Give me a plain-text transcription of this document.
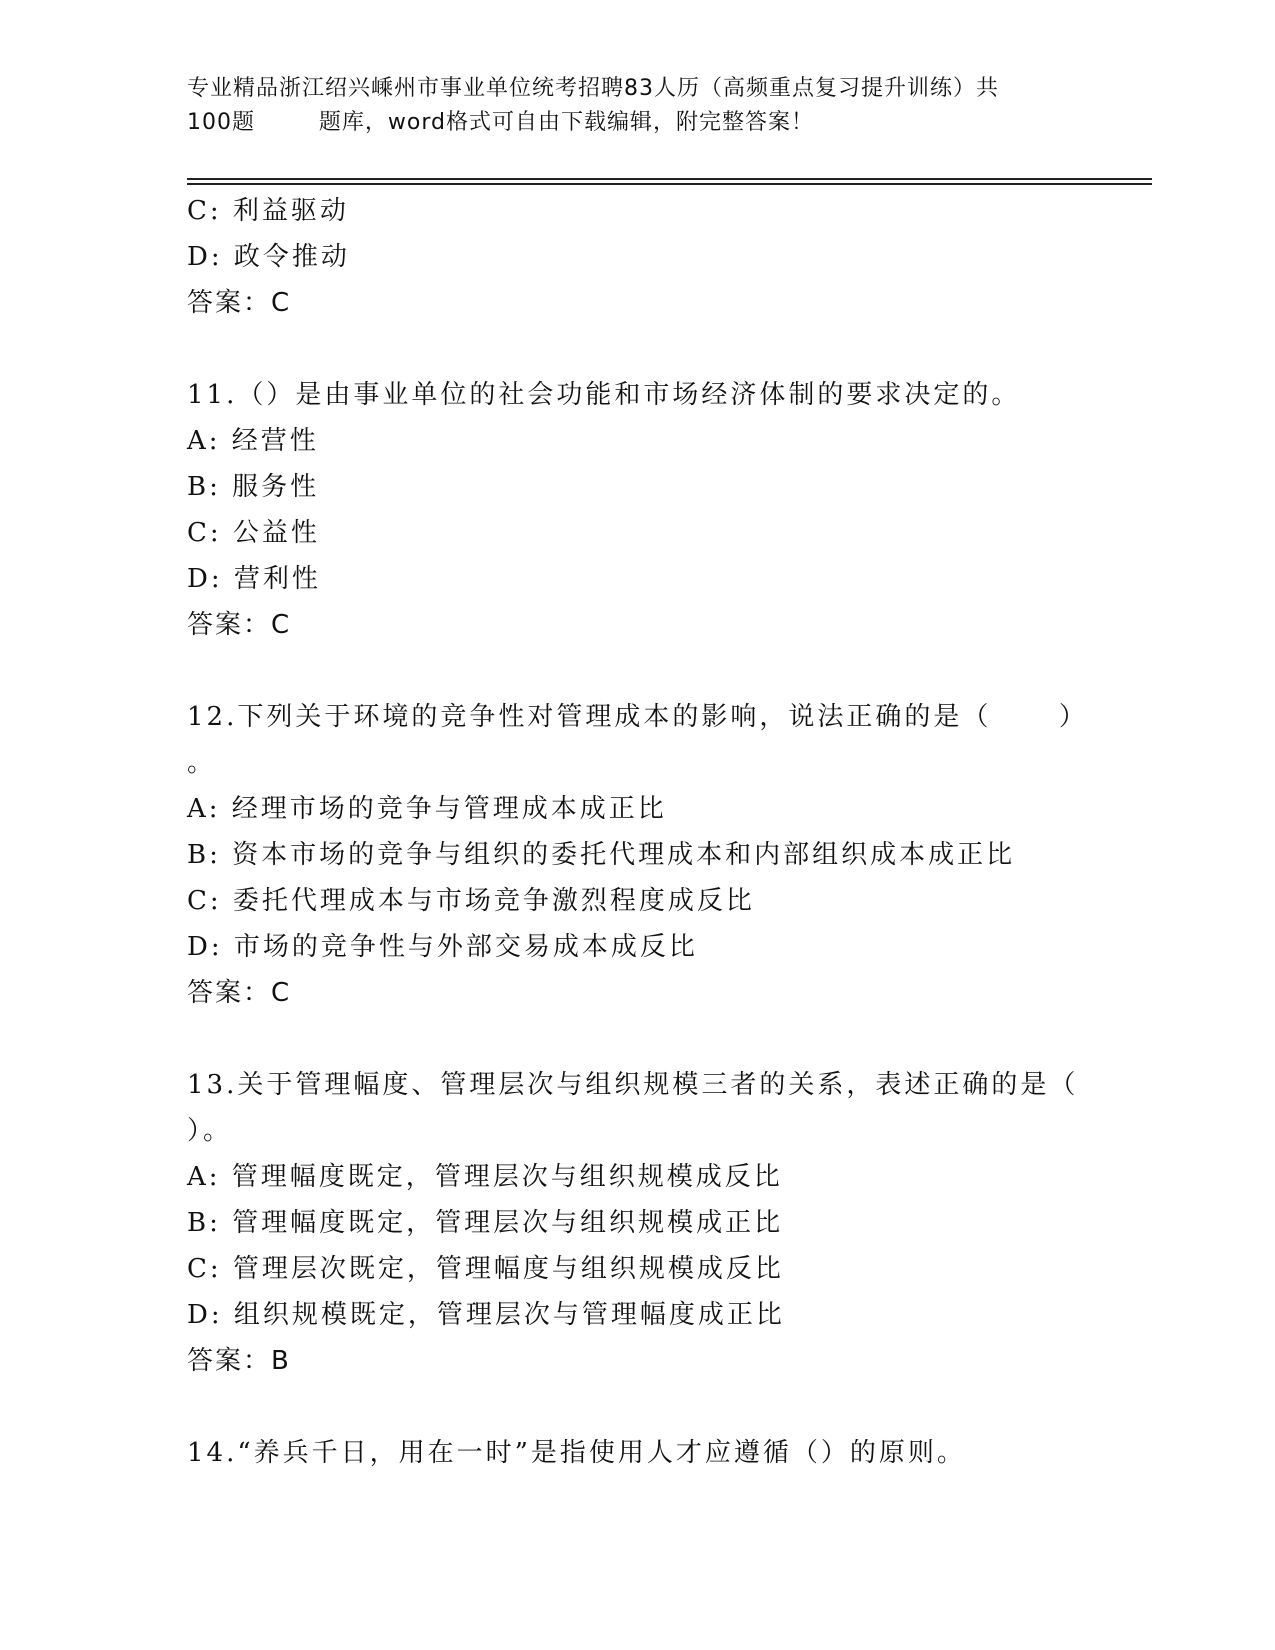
专业精品浙江绍兴嵊州市事业单位统考招聘83人历（高频重点复习提升训练）共
100题        题库，word格式可自由下载编辑，附完整答案！
C: 利益驱动
D: 政令推动
答案：C
11.（）是由事业单位的社会功能和市场经济体制的要求决定的。
A: 经营性
B: 服务性
C: 公益性
D: 营利性
答案：C
12.下列关于环境的竞争性对管理成本的影响，说法正确的是（      ）
。
A: 经理市场的竞争与管理成本成正比
B: 资本市场的竞争与组织的委托代理成本和内部组织成本成正比
C: 委托代理成本与市场竞争激烈程度成反比
D: 市场的竞争性与外部交易成本成反比
答案：C
13.关于管理幅度、管理层次与组织规模三者的关系，表述正确的是（
）。
A: 管理幅度既定，管理层次与组织规模成反比
B: 管理幅度既定，管理层次与组织规模成正比
C: 管理层次既定，管理幅度与组织规模成反比
D: 组织规模既定，管理层次与管理幅度成正比
答案：B
14.“养兵千日，用在一时”是指使用人才应遵循（）的原则。
